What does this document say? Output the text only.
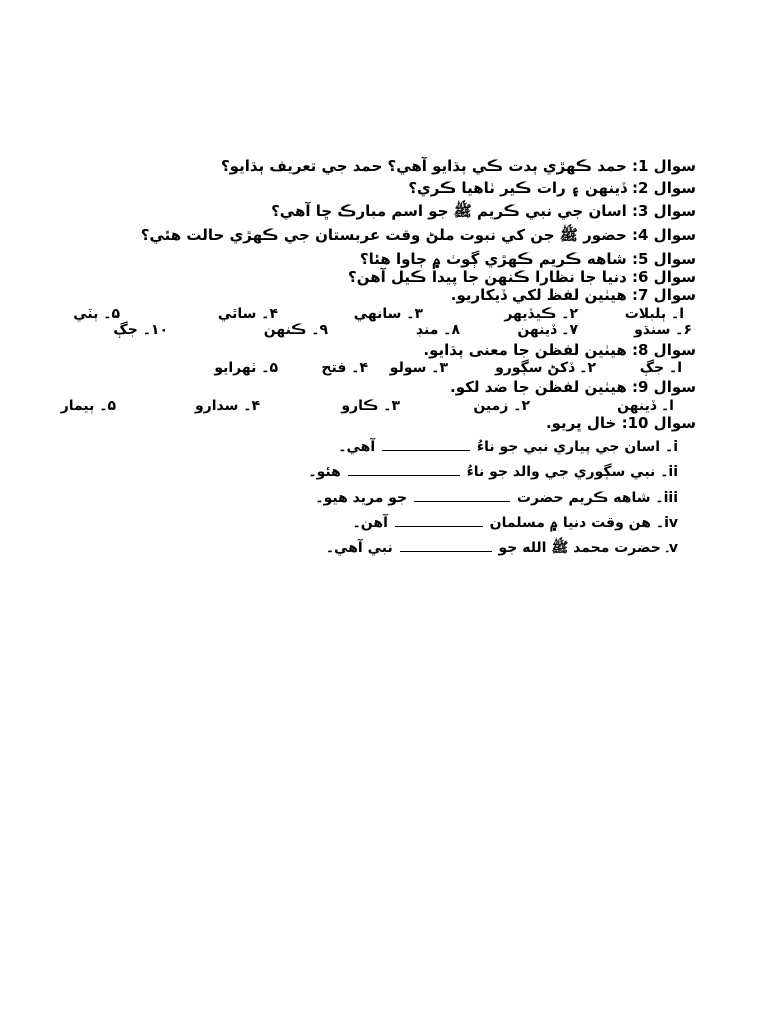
سوال 1: حمد ڪهڙي ٻدت ڪي ٻڌايو آهي؟ حمد جي تعريف ٻڌايو؟
سوال 2: ڏينهن ۽ رات ڪير ٺاهيا ڪري؟
سوال 3: اسان جي نبي ڪريم ﷺ جو اسم مبارڪ ڇا آهي؟
سوال 4: حضور ﷺ جن کي نبوت ملڻ وقت عربستان جي ڪهڙي حالت هئي؟
سوال 5: شاهه ڪريم ڪهڙي ڳوٺ ۾ ڄاوا هئا؟
سوال 6: دنيا جا نظارا ڪنهن جا پيدا ڪيل آهن؟
سوال 7: هيٺين لفظ لکي ڏيکاريو.
ا۔ ٻلبلات
۲۔ ڪيڏيهر
۳۔ سانهي
۴۔ ساٿي
۵۔ ٻٽي
۶۔ سنڌو
۷۔ ڏينهن
۸۔ منڊ
۹۔ ڪنهن
۱۰۔ جڳ
سوال 8: هيٺين لفظن جا معنى ٻڌايو.
ا۔ جڳ
۲۔ ڏکڻ سڳورو
۳۔ سولو
۴۔ فتح
۵۔ ٺهرايو
سوال 9: هيٺين لفظن جا ضد لکو.
ا۔ ڏينهن
۲۔ زمين
۳۔ ڪارو
۴۔ سدارو
۵۔ ٻيمار
سوال 10: خال ڀريو.
i۔ اسان جي پياري نبي جو ناءُ  آهي۔
ii۔ نبي سڳوري جي والد جو ناءُ  هئو۔
iii۔ شاهه ڪريم حضرت  جو مريد هيو۔
iv۔ هن وقت دنيا ۾ مسلمان  آهن۔
v۔ حضرت محمد ﷺ الله جو  نبي آهي۔
